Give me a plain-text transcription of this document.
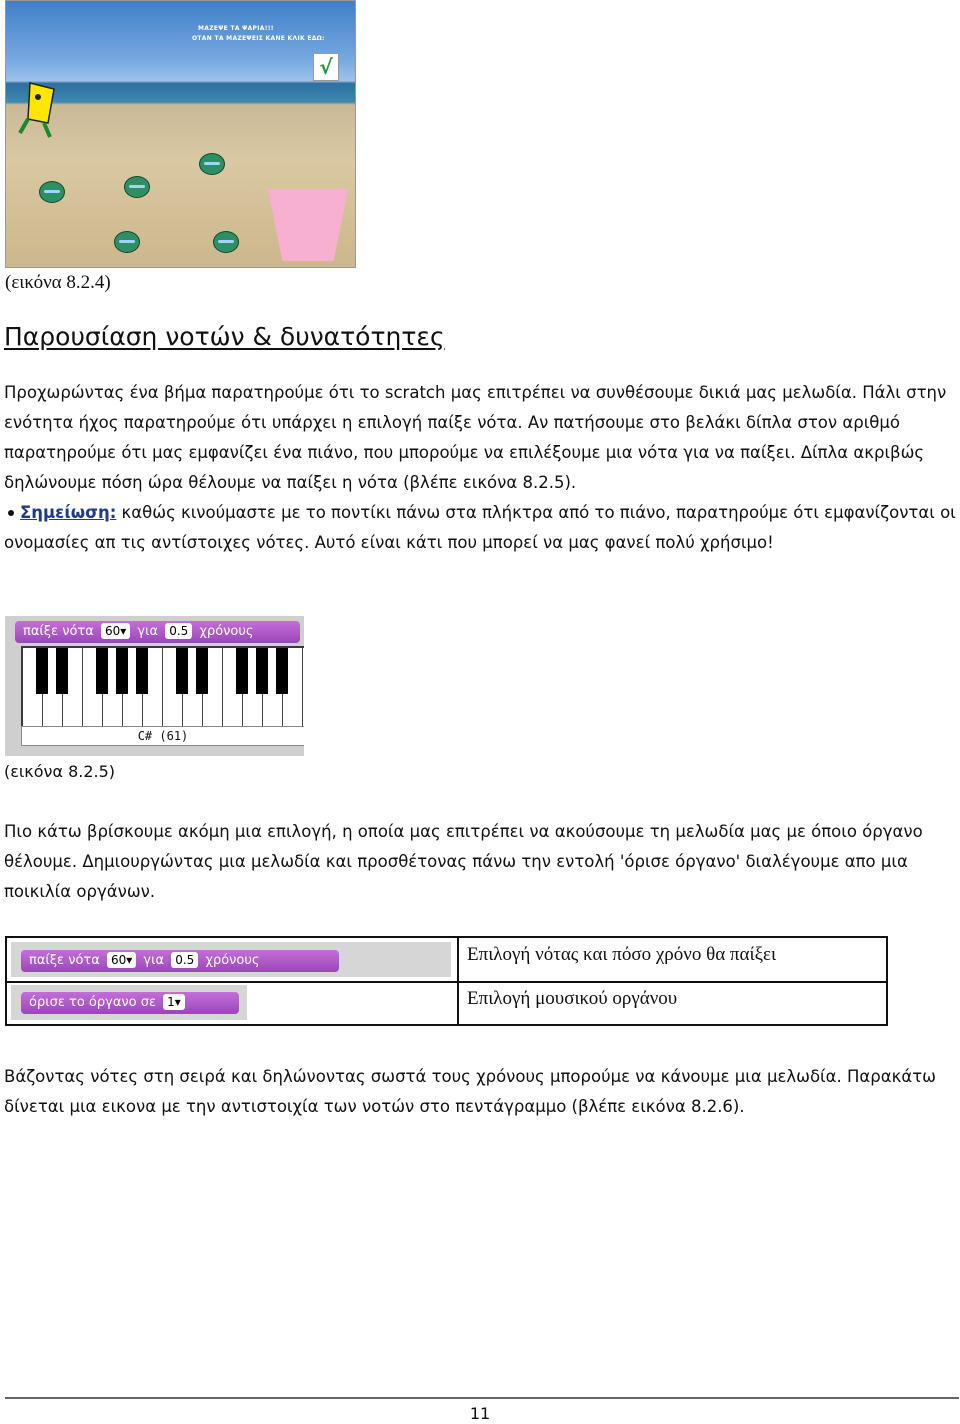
ΜΑΖΕΨΕ ΤΑ ΨΑΡΙΑ!!!
ΟΤΑΝ ΤΑ ΜΑΖΕΨΕΙΣ ΚΑΝΕ ΚΛΙΚ ΕΔΩ:
√
(εικόνα 8.2.4)
Παρουσίαση νοτών & δυνατότητες

Προχωρώντας ένα βήμα παρατηρούμε ότι το scratch μας επιτρέπει να συνθέσουμε δικιά μας μελωδία. Πάλι στην ενότητα ήχος παρατηρούμε ότι υπάρχει η επιλογή παίξε νότα. Αν πατήσουμε στο βελάκι δίπλα στον αριθμό παρατηρούμε ότι μας εμφανίζει ένα πιάνο, που μπορούμε να επιλέξουμε μια νότα για να παίξει. Δίπλα ακριβώς δηλώνουμε πόση ώρα θέλουμε να παίξει η νότα (βλέπε εικόνα 8.2.5).

Σημείωση: καθώς κινούμαστε με το ποντίκι πάνω στα πλήκτρα από το πιάνο, παρατηρούμε ότι εμφανίζονται οι ονομασίες απ τις αντίστοιχες νότες. Αυτό είναι κάτι που μπορεί να μας φανεί πολύ χρήσιμο!

παίξε νότα 60▾ για 0.5 χρόνους
C# (61)
(εικόνα 8.2.5)

Πιο κάτω βρίσκουμε ακόμη μια επιλογή, η οποία μας επιτρέπει να ακούσουμε τη μελωδία μας με όποιο όργανο θέλουμε. Δημιουργώντας μια μελωδία και προσθέτονας πάνω την εντολή 'όρισε όργανο' διαλέγουμε απο μια ποικιλία οργάνων.

παίξε νότα 60▾ για 0.5 χρόνους
όρισε το όργανο σε 1▾
Επιλογή νότας και πόσο χρόνο θα παίξει
Επιλογή μουσικού οργάνου

Βάζοντας νότες στη σειρά και δηλώνοντας σωστά τους χρόνους μπορούμε να κάνουμε μια μελωδία. Παρακάτω δίνεται μια εικονα με την αντιστοιχία των νοτών στο πεντάγραμμο (βλέπε εικόνα 8.2.6).

11
